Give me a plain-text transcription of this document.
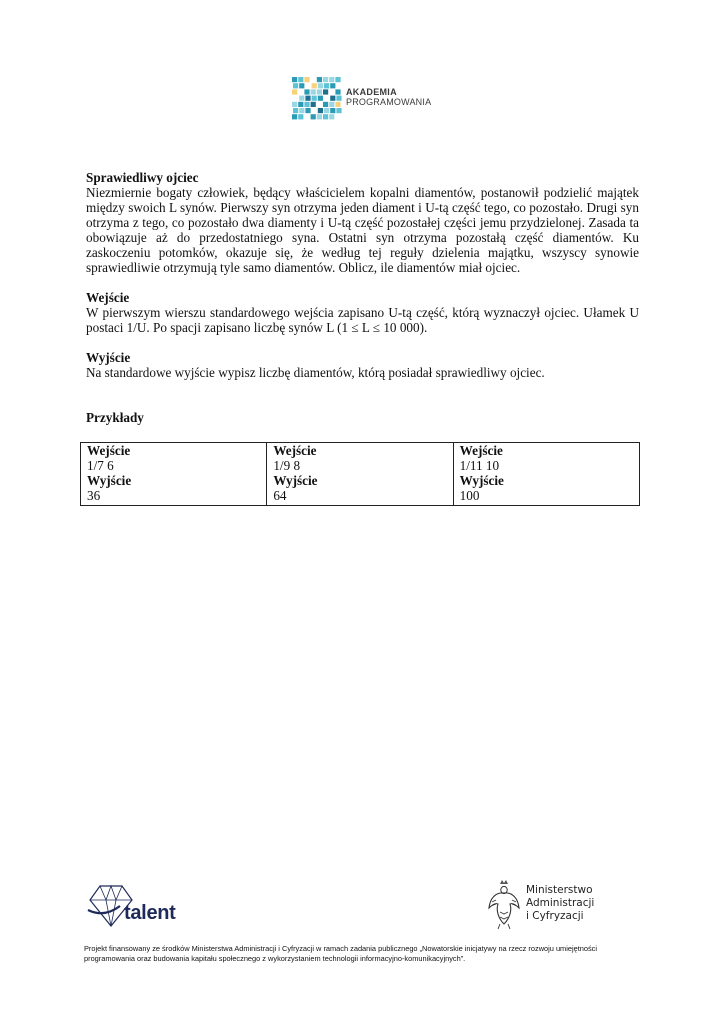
AKADEMIA
PROGRAMOWANIA
Sprawiedliwy ojciec
Niezmiernie bogaty człowiek, będący właścicielem kopalni diamentów, postanowił podzielić majątek między swoich L synów. Pierwszy syn otrzyma jeden diament i U-tą część tego, co pozostało. Drugi syn otrzyma z tego, co pozostało dwa diamenty i U-tą część pozostałej części jemu przydzielonej. Zasada ta obowiązuje aż do przedostatniego syna. Ostatni syn otrzyma pozostałą część diamentów. Ku zaskoczeniu potomków, okazuje się, że według tej reguły dzielenia majątku, wszyscy synowie sprawiedliwie otrzymują tyle samo diamentów. Oblicz, ile diamentów miał ojciec.
Wejście
W pierwszym wierszu standardowego wejścia zapisano U-tą część, którą wyznaczył ojciec. Ułamek U postaci 1/U. Po spacji zapisano liczbę synów L (1 ≤ L ≤ 10 000).
Wyjście
Na standardowe wyjście wypisz liczbę diamentów, którą posiadał sprawiedliwy ojciec.
Przykłady
Wejście
1/7 6
Wyjście
36

Wejście
1/9 8
Wyjście
64

Wejście
1/11 10
Wyjście
100
talent
Ministerstwo
Administracji
i Cyfryzacji
Projekt finansowany ze środków Ministerstwa Administracji i Cyfryzacji w ramach zadania publicznego „Nowatorskie inicjatywy na rzecz rozwoju umiejętności
programowania oraz budowania kapitału społecznego z wykorzystaniem technologii informacyjno-komunikacyjnych”.
